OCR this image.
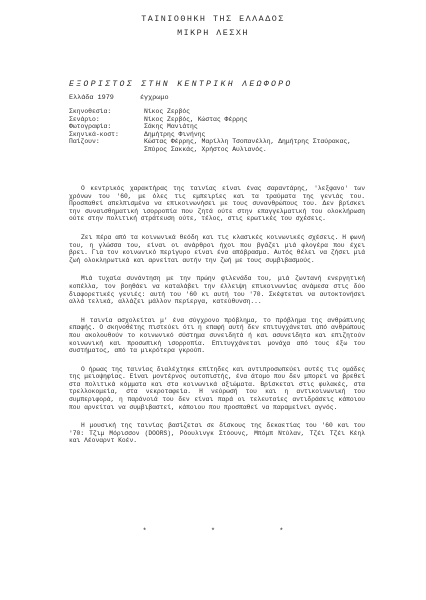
ΤΑΙΝΙΟΘΗΚΗ ΤΗΣ ΕΛΛΑΔΟΣ
ΜΙΚΡΗ ΛΕΣΧΗ
ΕΞΟΡΙΣΤΟΣ ΣΤΗΝ ΚΕΝΤΡΙΚΗ ΛΕΩΦΟΡΟ
Ελλάδα 1979	έγχρωμο
Σκηνοθεσία:	Νίκος Ζερβός
Σενάριο:	Νίκος Ζερβός, Κώστας Φέρρης
Φωτογραφία:	Σάκης Μανιάτης
Σκηνικά-κοστ:	Δημήτρης Φινήνης
Παίζουν:	Κώστας Φέρρης, Μαρίλλη Τσοπανέλλη, Δημήτρης Σταύρακας,
Σπύρος Σακκάς, Χρήστος Αυλιανός.

Ο κεντρικός χαρακτήρας της ταινίας είναι ένας σαραντάρης, 'λεξφανο' των χρόνων του '60, με όλες τις εμπειρίες και τα τραύματα της γενιάς του. Προσπαθεί απελπισμένα να επικοινωνήσει με τους συνανθρώπους του. Δεν βρίσκει την συναισθηματική ισορροπία που ζητά ούτε στην επαγγελματική του ολοκλήρωση ούτε στην πολιτική στράτευση ούτε, τέλος, στις ερωτικές του σχέσεις.

Ζει πέρα από τα κοινωνικά θεόδη και τις κλασικές κοινωνικές σχέσεις. Η φωνή του, η γλώσσα του, είναι οι ανάρθροι ήχοι που βγάζει μιά φλογέρα που έχει βρει. Για τον κοινωνικό περίγυρο είναι ένα απόβρασμα. Αυτός θέλει να ζήσει μιά ζωή ολοκληρωτικά και αρνείται αυτήν την ζωή με τους συμβιβασμούς.

Μιά τυχαία συνάντηση με την πρώην φιλενάδα του, μιά ζωντανή ενεργητική κοπέλλα, τον βοηθάει να καταλάβει την έλλειψη επικοινωνίας ανάμεσα στις δύο διαφορετικές γενιές: αυτή του '60 κι αυτή του '70. Σκέφτεται να αυτοκτονήσει αλλά τελικά, αλλάζει μάλλον περίεργα, κατεύθυνση...

Η ταινία ασχολείται μ' ένα σύγχρονο πρόβλημα, το πρόβλημα της ανθρώπινης επαφής. Ο σκηνοθέτης πιστεύει ότι η επαφή αυτή δεν επιτυγχάνεται από ανθρώπους που ακολουθούν το κοινωνικό σύστημα συνειδητά ή και ασυνείδητα και επιζητούν κοινωνική και προσωπική ισορροπία. Επιτυγχάνεται μονάχα από τους έξω του συστήματος, από τα μικρότερα γκρούπ.

Ο ήρωας της ταινίας διαλέχτηκε επίτηδες και αντιπροσωπεύει αυτές τις ομάδες της μειοψηφίας. Είναι μοντέρνος ουτοπιστής, ένα άτομο που δεν μπορεί να βρεθεί στα πολιτικά κόμματα και στα κοινωνικά αξιώματα. Βρίσκεται στις φυλακές, στα τρελλοκομεία, στα νεκροταφεία. Η νεύρωσή του και η αντικοινωνική του συμπεριφορά, η παράνοιά του δεν είναι παρά οι τελευταίες αντιδράσεις κάποιου που αρνείται να συμβιβαστεί, κάποιου που προσπαθεί να παραμείνει αγνός.

Η μουσική της ταινίας βασίζεται σε δίσκους της δεκαετίας του '60 και του '70: Τζιμ Μόρισσον (DOORS), Ρόουλινγκ Στόουνς, Μπόμπ Ντύλαν, Τζέι Τζέι Κέηλ και Λέοναρντ Κοέν.

*	*	*
